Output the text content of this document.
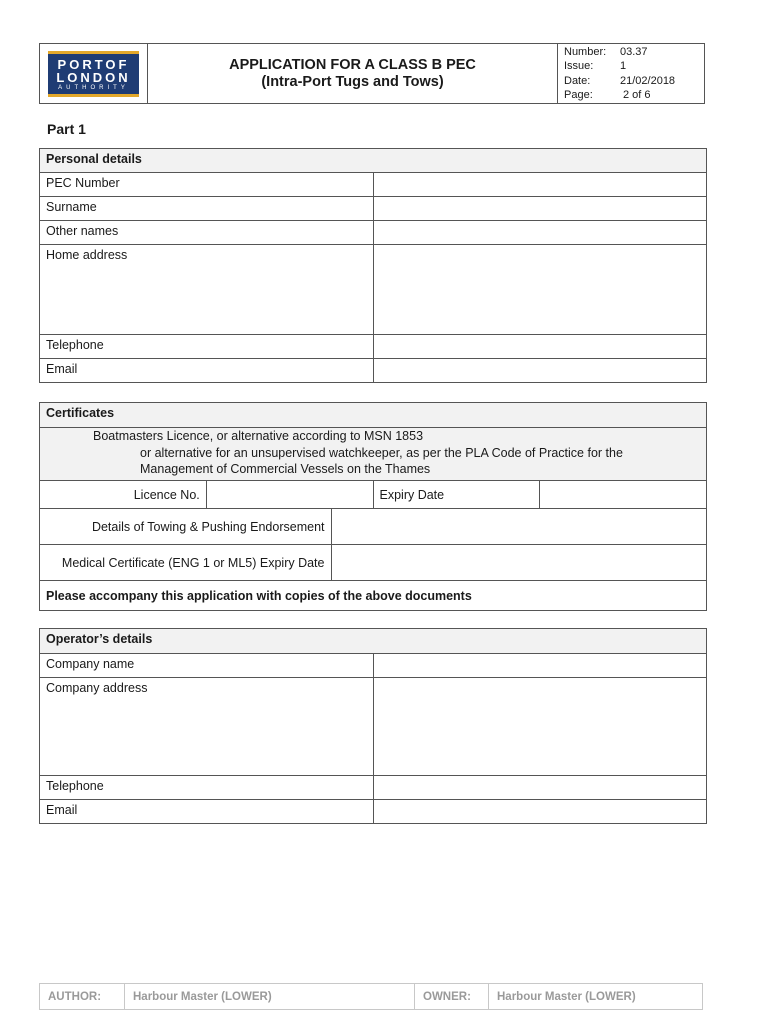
PORTOF
LONDON
AUTHORITY

APPLICATION FOR A CLASS B PEC
(Intra-Port Tugs and Tows)

Number:	03.37
Issue:	1
Date:	21/02/2018
Page:	2 of 6
Part 1
Personal details	
PEC Number	
Surname	
Other names	
Home address	
Telephone	
Email	
Certificates

Boatmasters Licence, or alternative according to MSN 1853
or alternative for an unsupervised watchkeeper, as per the PLA Code of Practice for the
Management of Commercial Vessels on the Thames

Licence No.		Expiry Date	

Details of Towing & Pushing Endorsement	

Medical Certificate (ENG 1 or ML5) Expiry Date	

Please accompany this application with copies of the above documents
Operator’s details	
Company name	
Company address	
Telephone	
Email	
AUTHOR:	Harbour Master (LOWER)	OWNER:	Harbour Master (LOWER)
